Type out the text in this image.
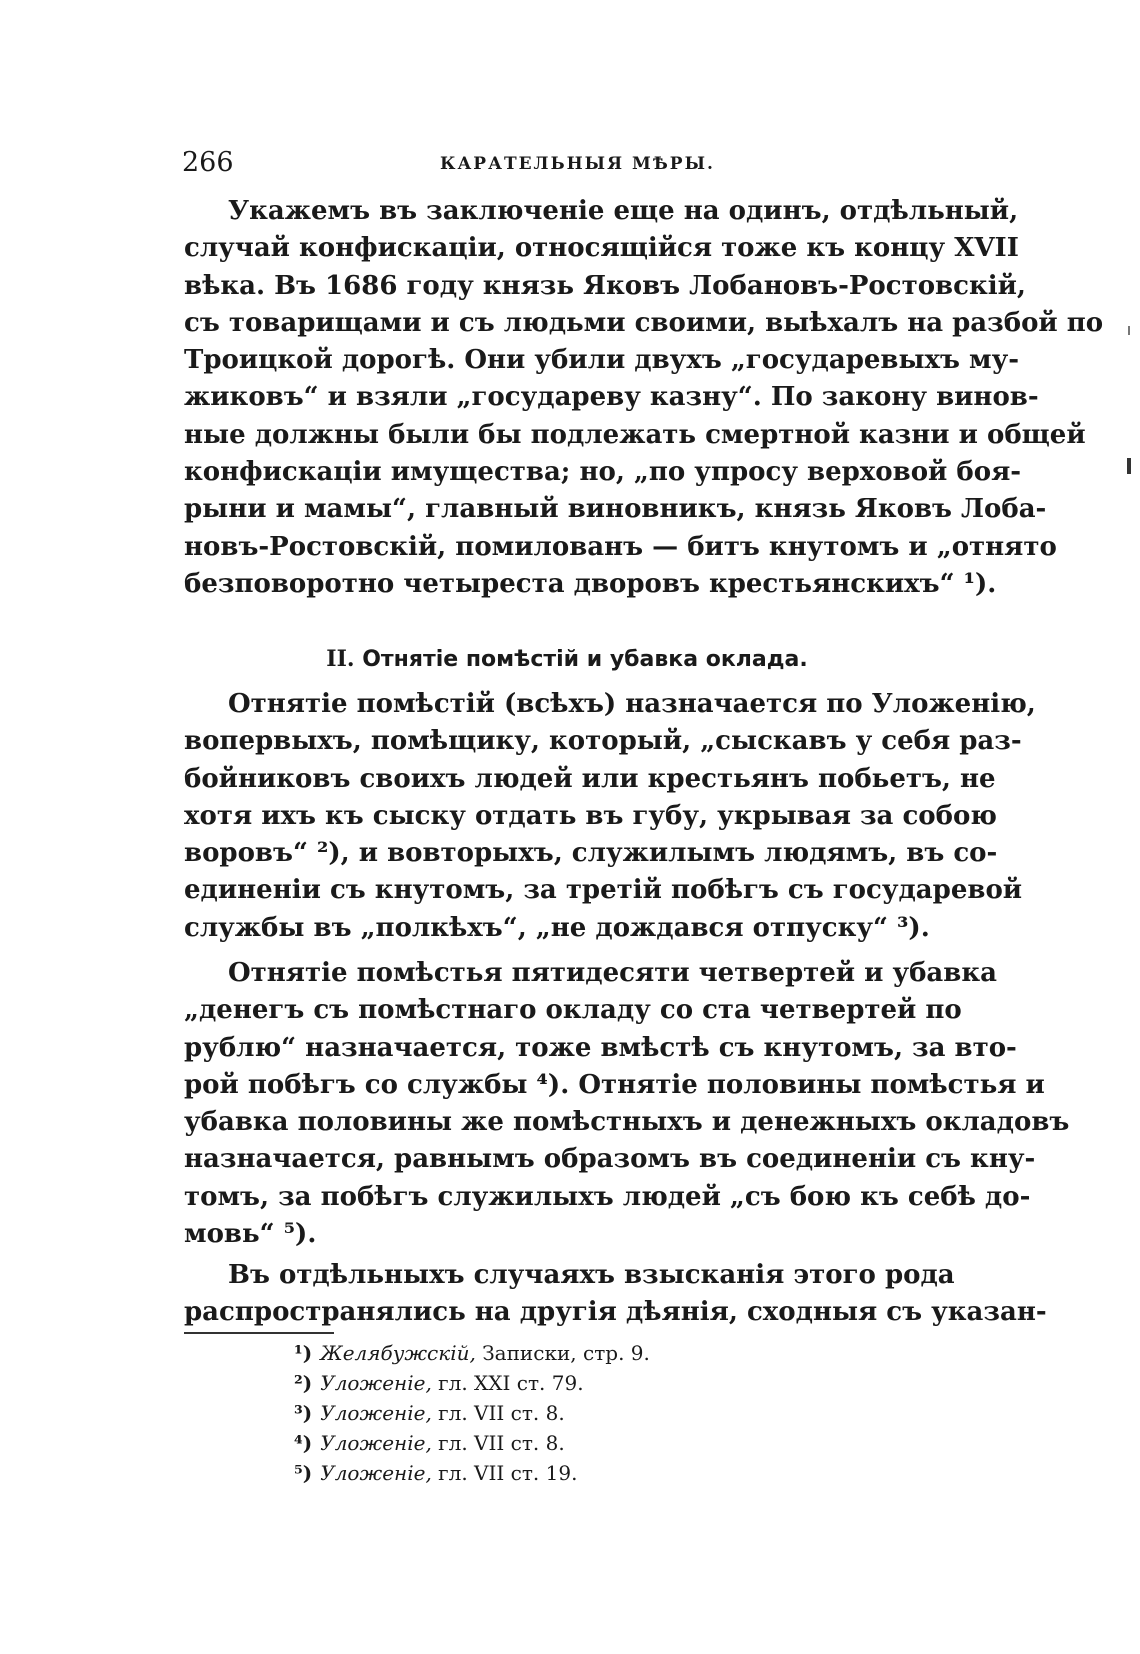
266	КАРАТЕЛЬНЫЯ МѢРЫ.
Укажемъ въ заключеніе еще на одинъ, отдѣльный,
случай конфискаціи, относящійся тоже къ концу XVII
вѣка. Въ 1686 году князь Яковъ Лобановъ-Ростовскій,
съ товарищами и съ людьми своими, выѣхалъ на разбой по
Троицкой дорогѣ. Они убили двухъ „государевыхъ му-
жиковъ“ и взяли „государеву казну“. По закону винов-
ные должны были бы подлежать смертной казни и общей
конфискаціи имущества; но, „по упросу верховой боя-
рыни и мамы“, главный виновникъ, князь Яковъ Лоба-
новъ-Ростовскій, помилованъ — битъ кнутомъ и „отнято
безповоротно четыреста дворовъ крестьянскихъ“ ¹).
II. Отнятіе помѣстій и убавка оклада.
Отнятіе помѣстій (всѣхъ) назначается по Уложенію,
вопервыхъ, помѣщику, который, „сыскавъ у себя раз-
бойниковъ своихъ людей или крестьянъ побьетъ, не
хотя ихъ къ сыску отдать въ губу, укрывая за собою
воровъ“ ²), и вовторыхъ, служилымъ людямъ, въ со-
единеніи съ кнутомъ, за третій побѣгъ съ государевой
службы въ „полкѣхъ“, „не дождався отпуску“ ³).
Отнятіе помѣстья пятидесяти четвертей и убавка
„денегъ съ помѣстнаго окладу со ста четвертей по
рублю“ назначается, тоже вмѣстѣ съ кнутомъ, за вто-
рой побѣгъ со службы ⁴). Отнятіе половины помѣстья и
убавка половины же помѣстныхъ и денежныхъ окладовъ
назначается, равнымъ образомъ въ соединеніи съ кну-
томъ, за побѣгъ служилыхъ людей „съ бою къ себѣ до-
мовь“ ⁵).
Въ отдѣльныхъ случаяхъ взысканія этого рода
распространялись на другія дѣянія, сходныя съ указан-
¹) Желябужскій, Записки, стр. 9.
²) Уложеніе, гл. XXI ст. 79.
³) Уложеніе, гл. VII ст. 8.
⁴) Уложеніе, гл. VII ст. 8.
⁵) Уложеніе, гл. VII ст. 19.
